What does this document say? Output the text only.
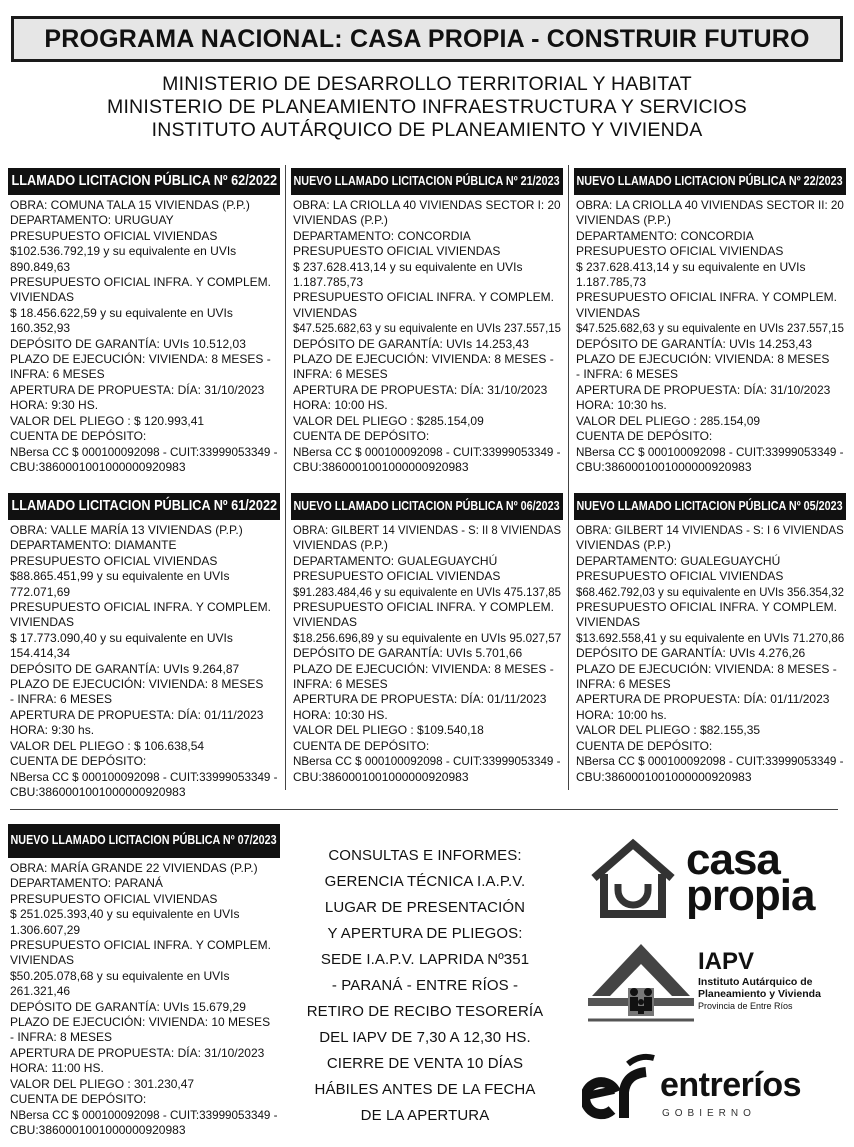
PROGRAMA NACIONAL: CASA PROPIA - CONSTRUIR FUTURO
MINISTERIO DE DESARROLLO TERRITORIAL Y HABITAT
MINISTERIO DE PLANEAMIENTO INFRAESTRUCTURA Y SERVICIOS
INSTITUTO AUTÁRQUICO DE PLANEAMIENTO Y VIVIENDA
LLAMADO LICITACION PÚBLICA Nº 62/2022
OBRA: COMUNA TALA 15 VIVIENDAS (P.P.)
DEPARTAMENTO: URUGUAY
PRESUPUESTO OFICIAL VIVIENDAS
$102.536.792,19 y su equivalente en UVIs
890.849,63
PRESUPUESTO OFICIAL INFRA. Y COMPLEM.
VIVIENDAS
$ 18.456.622,59 y su equivalente en UVIs
160.352,93
DEPÓSITO DE GARANTÍA: UVIs 10.512,03
PLAZO DE EJECUCIÓN: VIVIENDA: 8 MESES -
INFRA: 6 MESES
APERTURA DE PROPUESTA: DÍA: 31/10/2023
HORA: 9:30 HS.
VALOR DEL PLIEGO : $ 120.993,41
CUENTA DE DEPÓSITO:
NBersa CC $ 000100092098 - CUIT:33999053349 -
CBU:3860001001000000920983
NUEVO LLAMADO LICITACION PÚBLICA Nº 21/2023
OBRA: LA CRIOLLA 40 VIVIENDAS SECTOR I: 20
VIVIENDAS (P.P.)
DEPARTAMENTO: CONCORDIA
PRESUPUESTO OFICIAL VIVIENDAS
$ 237.628.413,14 y su equivalente en UVIs
1.187.785,73
PRESUPUESTO OFICIAL INFRA. Y COMPLEM.
VIVIENDAS
$47.525.682,63 y su equivalente en UVIs 237.557,15
DEPÓSITO DE GARANTÍA: UVIs 14.253,43
PLAZO DE EJECUCIÓN: VIVIENDA: 8 MESES -
INFRA: 6 MESES
APERTURA DE PROPUESTA: DÍA: 31/10/2023
HORA: 10:00 HS.
VALOR DEL PLIEGO : $285.154,09
CUENTA DE DEPÓSITO:
NBersa CC $ 000100092098 - CUIT:33999053349 -
CBU:3860001001000000920983
NUEVO LLAMADO LICITACION PÚBLICA Nº 22/2023
OBRA: LA CRIOLLA 40 VIVIENDAS SECTOR II: 20
VIVIENDAS (P.P.)
DEPARTAMENTO: CONCORDIA
PRESUPUESTO OFICIAL VIVIENDAS
$ 237.628.413,14 y su equivalente en UVIs
1.187.785,73
PRESUPUESTO OFICIAL INFRA. Y COMPLEM.
VIVIENDAS
$47.525.682,63 y su equivalente en UVIs 237.557,15
DEPÓSITO DE GARANTÍA: UVIs 14.253,43
PLAZO DE EJECUCIÓN: VIVIENDA: 8 MESES
- INFRA: 6 MESES
APERTURA DE PROPUESTA: DÍA: 31/10/2023
HORA: 10:30 hs.
VALOR DEL PLIEGO : 285.154,09
CUENTA DE DEPÓSITO:
NBersa CC $ 000100092098 - CUIT:33999053349 -
CBU:3860001001000000920983
LLAMADO LICITACION PÚBLICA Nº 61/2022
OBRA: VALLE MARÍA 13 VIVIENDAS (P.P.)
DEPARTAMENTO: DIAMANTE
PRESUPUESTO OFICIAL VIVIENDAS
$88.865.451,99 y su equivalente en UVIs
772.071,69
PRESUPUESTO OFICIAL INFRA. Y COMPLEM.
VIVIENDAS
$ 17.773.090,40 y su equivalente en UVIs
154.414,34
DEPÓSITO DE GARANTÍA: UVIs 9.264,87
PLAZO DE EJECUCIÓN: VIVIENDA: 8 MESES
- INFRA: 6 MESES
APERTURA DE PROPUESTA: DÍA: 01/11/2023
HORA: 9:30 hs.
VALOR DEL PLIEGO : $ 106.638,54
CUENTA DE DEPÓSITO:
NBersa CC $ 000100092098 - CUIT:33999053349 -
CBU:3860001001000000920983
NUEVO LLAMADO LICITACION PÚBLICA Nº 06/2023
OBRA: GILBERT 14 VIVIENDAS - S: II 8 VIVIENDAS
VIVIENDAS (P.P.)
DEPARTAMENTO: GUALEGUAYCHÚ
PRESUPUESTO OFICIAL VIVIENDAS
$91.283.484,46 y su equivalente en UVIs 475.137,85
PRESUPUESTO OFICIAL INFRA. Y COMPLEM.
VIVIENDAS
$18.256.696,89 y su equivalente en UVIs 95.027,57
DEPÓSITO DE GARANTÍA: UVIs 5.701,66
PLAZO DE EJECUCIÓN: VIVIENDA: 8 MESES -
INFRA: 6 MESES
APERTURA DE PROPUESTA: DÍA: 01/11/2023
HORA: 10:30 HS.
VALOR DEL PLIEGO : $109.540,18
CUENTA DE DEPÓSITO:
NBersa CC $ 000100092098 - CUIT:33999053349 -
CBU:3860001001000000920983
NUEVO LLAMADO LICITACION PÚBLICA Nº 05/2023
OBRA: GILBERT 14 VIVIENDAS - S: I 6 VIVIENDAS
VIVIENDAS (P.P.)
DEPARTAMENTO: GUALEGUAYCHÚ
PRESUPUESTO OFICIAL VIVIENDAS
$68.462.792,03 y su equivalente en UVIs 356.354,32
PRESUPUESTO OFICIAL INFRA. Y COMPLEM.
VIVIENDAS
$13.692.558,41 y su equivalente en UVIs 71.270,86
DEPÓSITO DE GARANTÍA: UVIs 4.276,26
PLAZO DE EJECUCIÓN: VIVIENDA: 8 MESES -
INFRA: 6 MESES
APERTURA DE PROPUESTA: DÍA: 01/11/2023
HORA: 10:00 hs.
VALOR DEL PLIEGO : $82.155,35
CUENTA DE DEPÓSITO:
NBersa CC $ 000100092098 - CUIT:33999053349 -
CBU:3860001001000000920983
NUEVO LLAMADO LICITACION PÚBLICA Nº 07/2023
OBRA: MARÍA GRANDE 22 VIVIENDAS (P.P.)
DEPARTAMENTO: PARANÁ
PRESUPUESTO OFICIAL VIVIENDAS
$ 251.025.393,40 y su equivalente en UVIs
1.306.607,29
PRESUPUESTO OFICIAL INFRA. Y COMPLEM.
VIVIENDAS
$50.205.078,68 y su equivalente en UVIs
261.321,46
DEPÓSITO DE GARANTÍA: UVIs 15.679,29
PLAZO DE EJECUCIÓN: VIVIENDA: 10 MESES
- INFRA: 8 MESES
APERTURA DE PROPUESTA: DÍA: 31/10/2023
HORA: 11:00 HS.
VALOR DEL PLIEGO : 301.230,47
CUENTA DE DEPÓSITO:
NBersa CC $ 000100092098 - CUIT:33999053349 -
CBU:3860001001000000920983
CONSULTAS E INFORMES:
GERENCIA TÉCNICA I.A.P.V.
LUGAR DE PRESENTACIÓN
Y APERTURA DE PLIEGOS:
SEDE I.A.P.V. LAPRIDA Nº351
- PARANÁ - ENTRE RÍOS -
RETIRO DE RECIBO TESORERÍA
DEL IAPV DE 7,30 A 12,30 HS.
CIERRE DE VENTA 10 DÍAS
HÁBILES ANTES DE LA FECHA
DE LA APERTURA
casa
propia
IAPV
Instituto Autárquico de
Planeamiento y Vivienda
Provincia de Entre Ríos
entreríos
GOBIERNO
